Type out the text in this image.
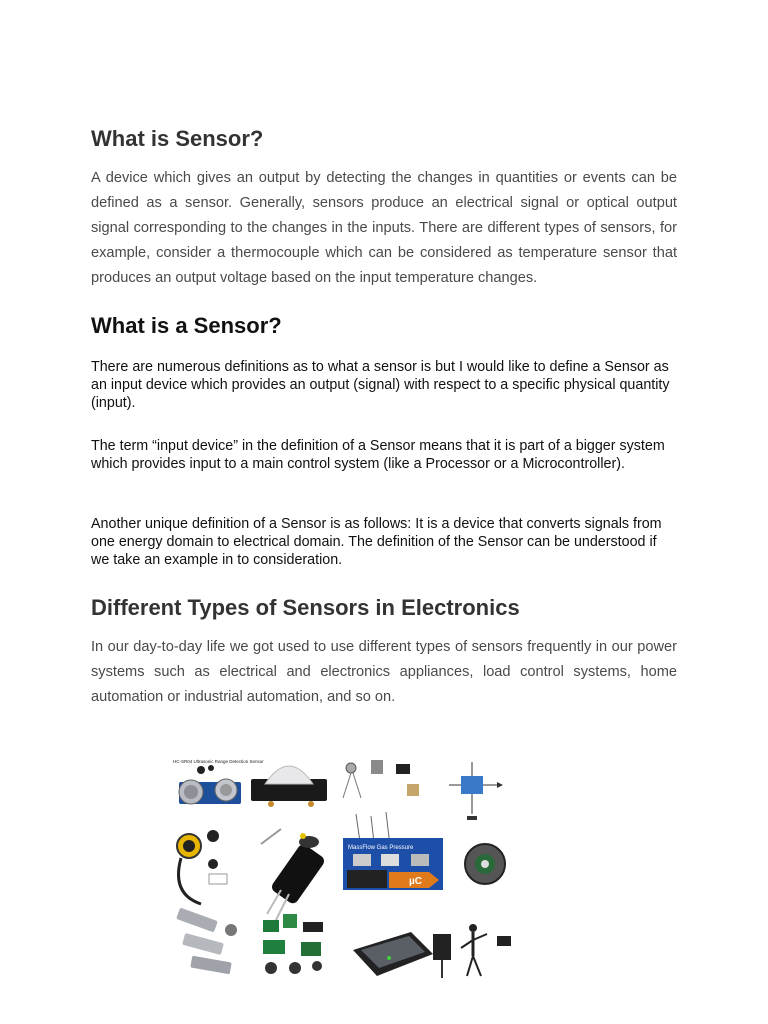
What is Sensor?

A device which gives an output by detecting the changes in quantities or events can be defined as a sensor. Generally, sensors produce an electrical signal or optical output signal corresponding to the changes in the inputs. There are different types of sensors, for example, consider a thermocouple which can be considered as temperature sensor that produces an output voltage based on the input temperature changes.

What is a Sensor?

There are numerous definitions as to what a sensor is but I would like to define a Sensor as an input device which provides an output (signal) with respect to a specific physical quantity (input).

The term “input device” in the definition of a Sensor means that it is part of a bigger system which provides input to a main control system (like a Processor or a Microcontroller).

Another unique definition of a Sensor is as follows: It is a device that converts signals from one energy domain to electrical domain. The definition of the Sensor can be understood if we take an example in to consideration.

Different Types of Sensors in Electronics

In our day-to-day life we got used to use different types of sensors frequently in our power systems such as electrical and electronics appliances, load control systems, home automation or industrial automation, and so on.

HC-SR04 Ultrasonic Range Detection Sensor
MassFlow Gas Pressure
µC
